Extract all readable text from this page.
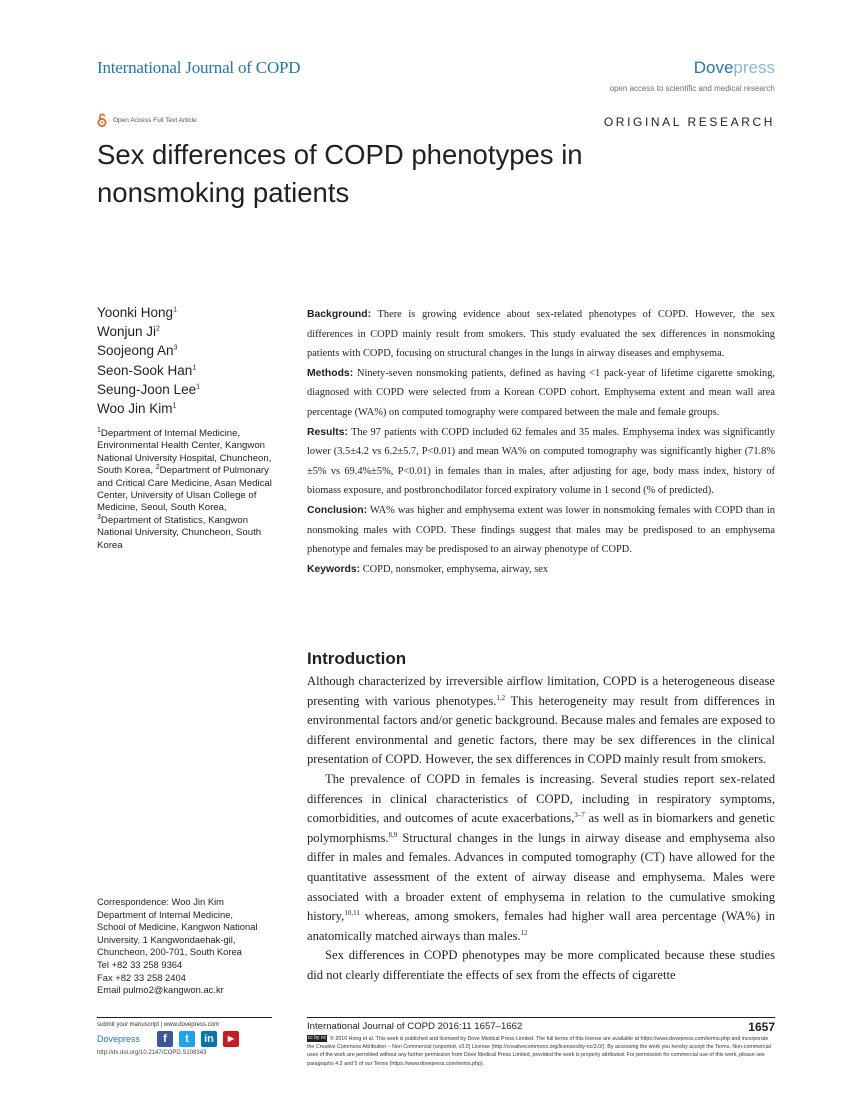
International Journal of COPD	Dovepress
open access to scientific and medical research
Open Access Full Text Article	ORIGINAL RESEARCH
Sex differences of COPD phenotypes in
nonsmoking patients
Yoonki Hong$^1$
Wonjun Ji$^2$
Soojeong An$^3$
Seon-Sook Han$^1$
Seung-Joon Lee$^1$
Woo Jin Kim$^1$
$^1$Department of Internal Medicine, Environmental Health Center, Kangwon National University Hospital, Chuncheon, South Korea, $^2$Department of Pulmonary and Critical Care Medicine, Asan Medical Center, University of Ulsan College of Medicine, Seoul, South Korea, $^3$Department of Statistics, Kangwon National University, Chuncheon, South Korea
Correspondence: Woo Jin Kim
Department of Internal Medicine,
School of Medicine, Kangwon National
University, 1 Kangwondaehak-gil,
Chuncheon, 200-701, South Korea
Tel +82 33 258 9364
Fax +82 33 258 2404
Email pulmo2@kangwon.ac.kr

Background: There is growing evidence about sex-related phenotypes of COPD. However, the sex differences in COPD mainly result from smokers. This study evaluated the sex differences in nonsmoking patients with COPD, focusing on structural changes in the lungs in airway diseases and emphysema.

Methods: Ninety-seven nonsmoking patients, defined as having <1 pack-year of lifetime cigarette smoking, diagnosed with COPD were selected from a Korean COPD cohort. Emphysema extent and mean wall area percentage (WA%) on computed tomography were compared between the male and female groups.

Results: The 97 patients with COPD included 62 females and 35 males. Emphysema index was significantly lower (3.5±4.2 vs 6.2±5.7, P<0.01) and mean WA% on computed tomography was significantly higher (71.8%±5% vs 69.4%±5%, P<0.01) in females than in males, after adjusting for age, body mass index, history of biomass exposure, and postbronchodilator forced expiratory volume in 1 second (% of predicted).

Conclusion: WA% was higher and emphysema extent was lower in nonsmoking females with COPD than in nonsmoking males with COPD. These findings suggest that males may be predisposed to an emphysema phenotype and females may be predisposed to an airway phenotype of COPD.

Keywords: COPD, nonsmoker, emphysema, airway, sex

Introduction

Although characterized by irreversible airflow limitation, COPD is a heterogeneous disease presenting with various phenotypes.$^{1,2}$ This heterogeneity may result from differences in environmental factors and/or genetic background. Because males and females are exposed to different environmental and genetic factors, there may be sex differences in the clinical presentation of COPD. However, the sex differences in COPD mainly result from smokers.

The prevalence of COPD in females is increasing. Several studies report sex-related differences in clinical characteristics of COPD, including in respiratory symptoms, comorbidities, and outcomes of acute exacerbations,$^{3-7}$ as well as in biomarkers and genetic polymorphisms.$^{8,9}$ Structural changes in the lungs in airway disease and emphysema also differ in males and females. Advances in computed tomography (CT) have allowed for the quantitative assessment of the extent of airway disease and emphysema. Males were associated with a broader extent of emphysema in relation to the cumulative smoking history,$^{10,11}$ whereas, among smokers, females had higher wall area percentage (WA%) in anatomically matched airways than males.$^{12}$

Sex differences in COPD phenotypes may be more complicated because these studies did not clearly differentiate the effects of sex from the effects of cigarette

submit your manuscript | www.dovepress.com
Dovepress	f	t	in	▶
http://dx.doi.org/10.2147/COPD.S108343
International Journal of COPD 2016:11 1657–1662	1657
cc by nc © 2016 Hong et al. This work is published and licensed by Dove Medical Press Limited. The full terms of this license are available at https://www.dovepress.com/terms.php and incorporate the Creative Commons Attribution – Non Commercial (unported, v3.0) License (http://creativecommons.org/licenses/by-nc/3.0/). By accessing the work you hereby accept the Terms. Non-commercial uses of the work are permitted without any further permission from Dove Medical Press Limited, provided the work is properly attributed. For permission for commercial use of this work, please see paragraphs 4.2 and 5 of our Terms (https://www.dovepress.com/terms.php).
